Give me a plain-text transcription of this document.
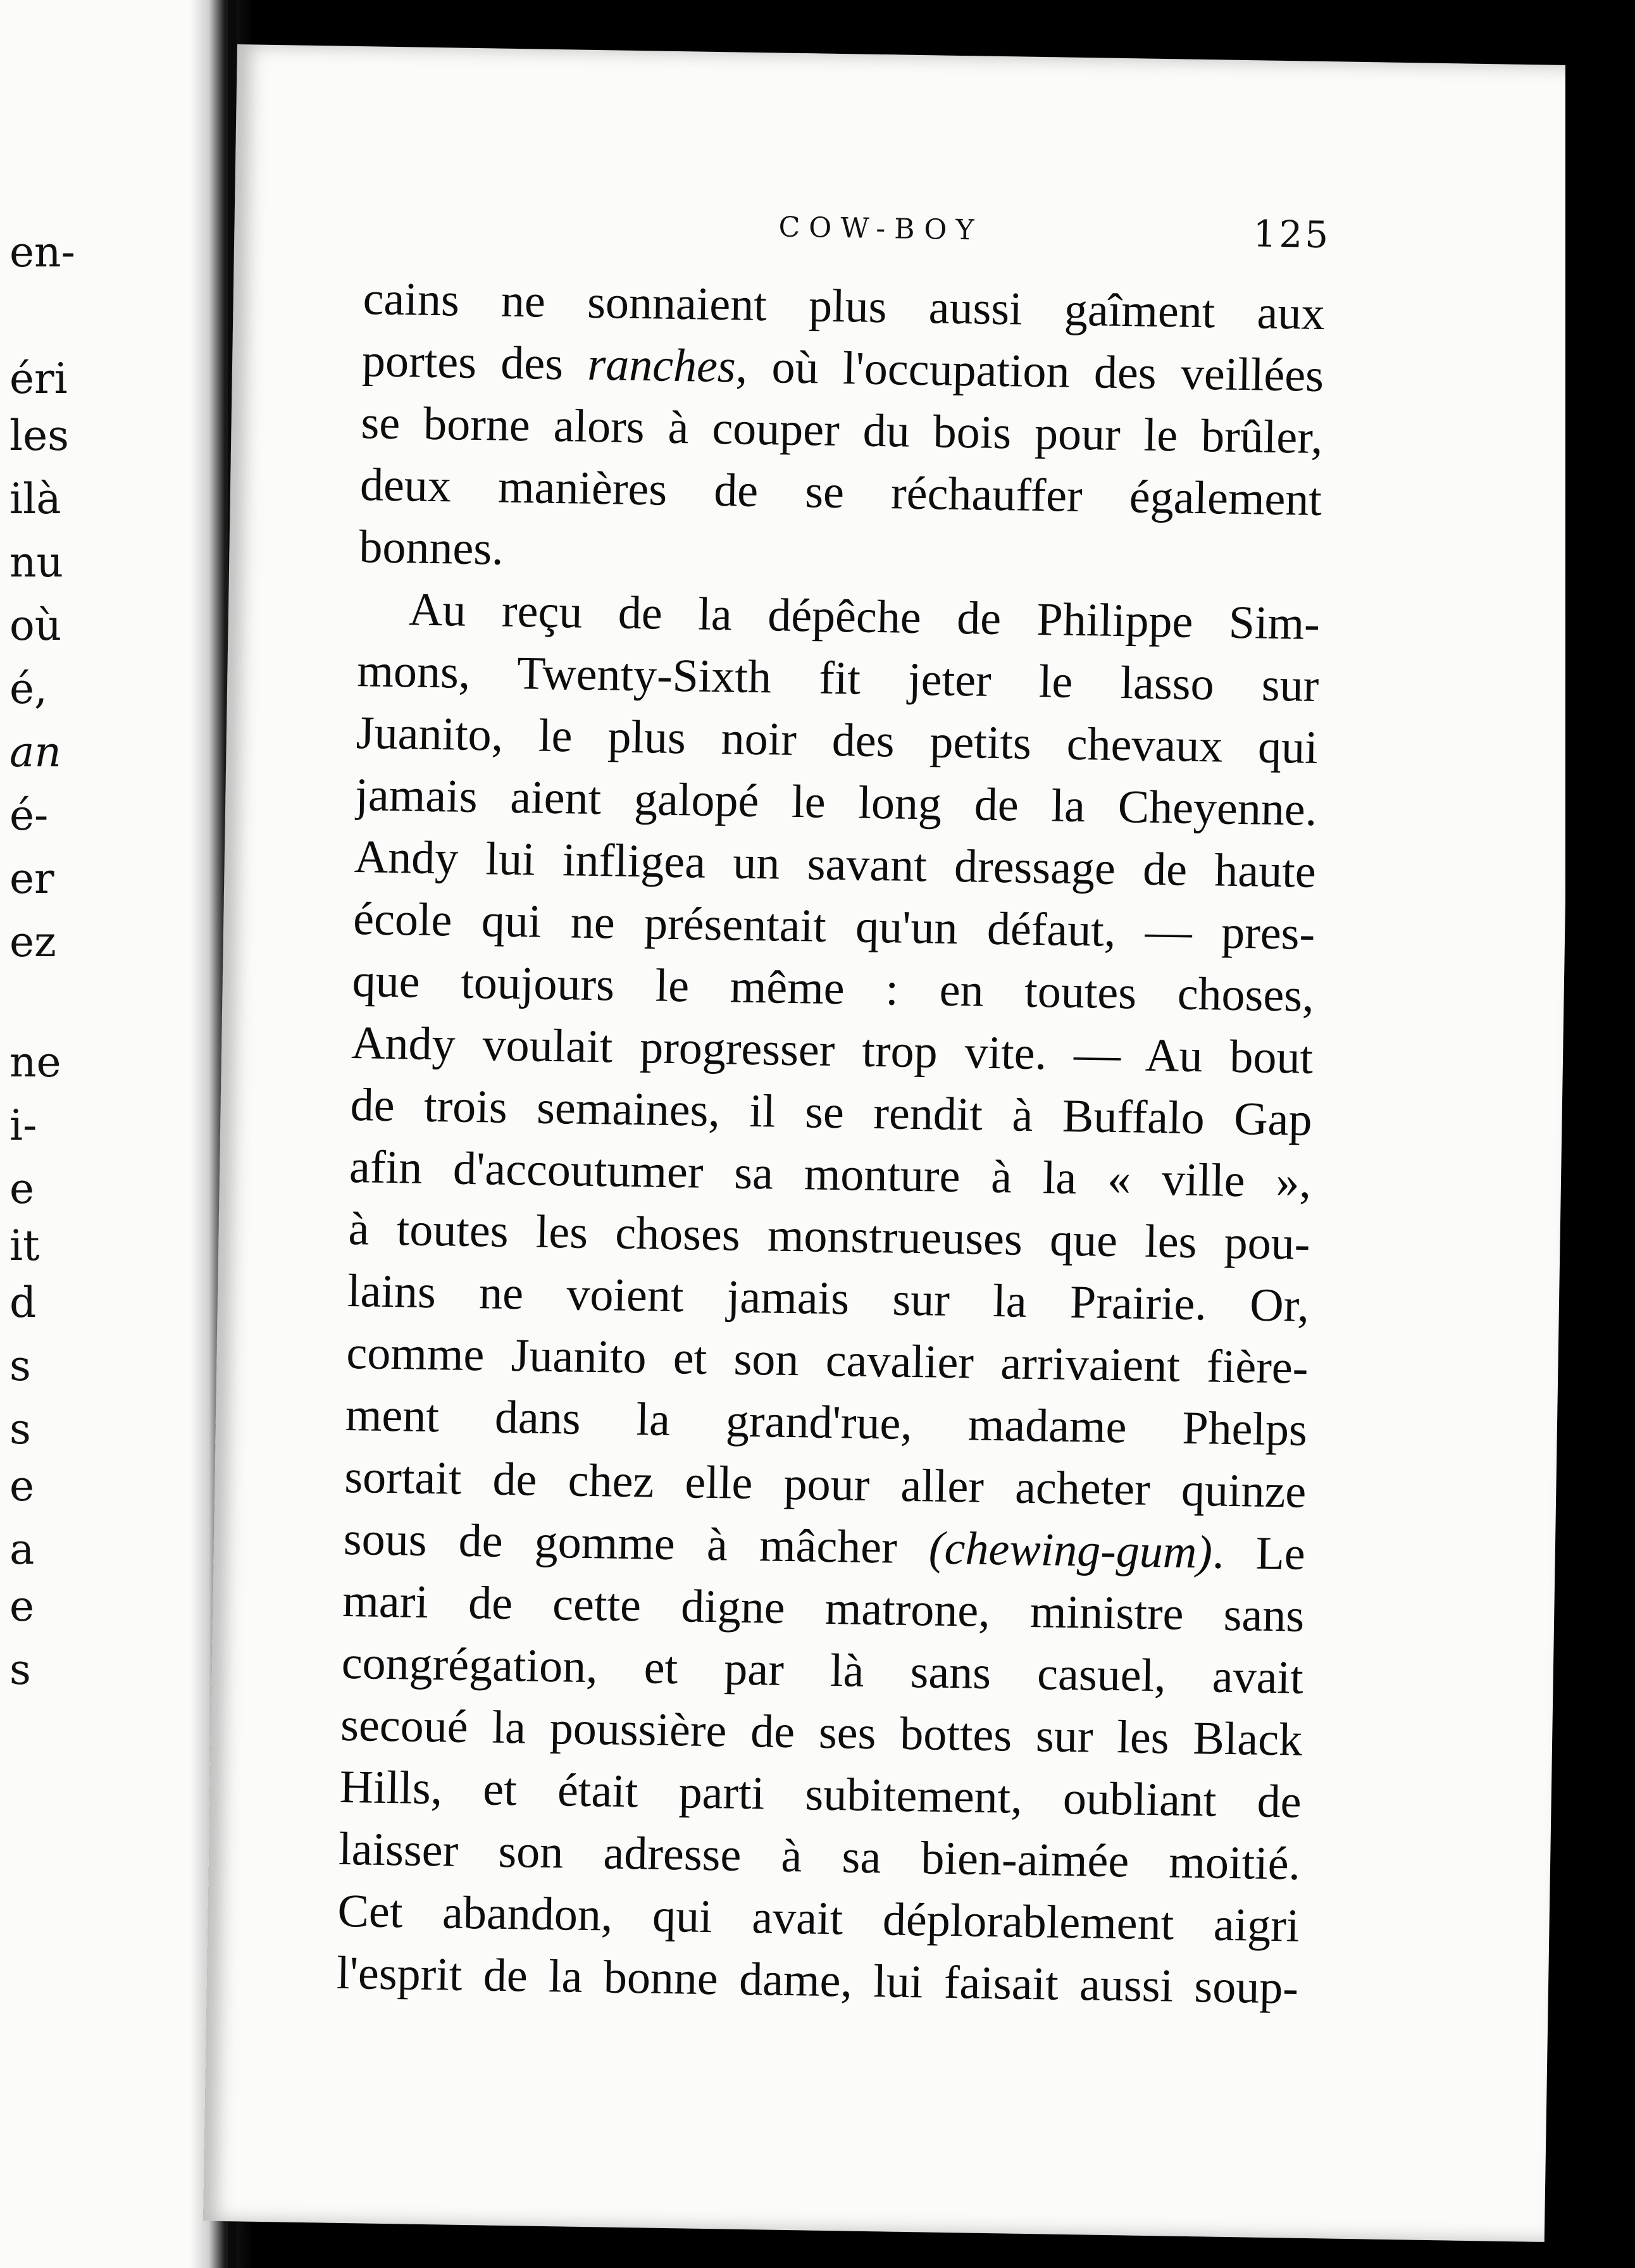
en-
éri
les
ilà
nu
où
é,
an
é-
er
ez
ne
i-
e
it
d
s
s
e
a
e
s
COW-BOY	125
cains ne sonnaient plus aussi gaîment aux
portes des ranches, où l'occupation des veillées
se borne alors à couper du bois pour le brûler,
deux manières de se réchauffer également
bonnes.
Au reçu de la dépêche de Philippe Sim-
mons, Twenty-Sixth fit jeter le lasso sur
Juanito, le plus noir des petits chevaux qui
jamais aient galopé le long de la Cheyenne.
Andy lui infligea un savant dressage de haute
école qui ne présentait qu'un défaut, — pres-
que toujours le même : en toutes choses,
Andy voulait progresser trop vite. — Au bout
de trois semaines, il se rendit à Buffalo Gap
afin d'accoutumer sa monture à la « ville »,
à toutes les choses monstrueuses que les pou-
lains ne voient jamais sur la Prairie. Or,
comme Juanito et son cavalier arrivaient fière-
ment dans la grand'rue, madame Phelps
sortait de chez elle pour aller acheter quinze
sous de gomme à mâcher (chewing-gum). Le
mari de cette digne matrone, ministre sans
congrégation, et par là sans casuel, avait
secoué la poussière de ses bottes sur les Black
Hills, et était parti subitement, oubliant de
laisser son adresse à sa bien-aimée moitié.
Cet abandon, qui avait déplorablement aigri
l'esprit de la bonne dame, lui faisait aussi soup-
